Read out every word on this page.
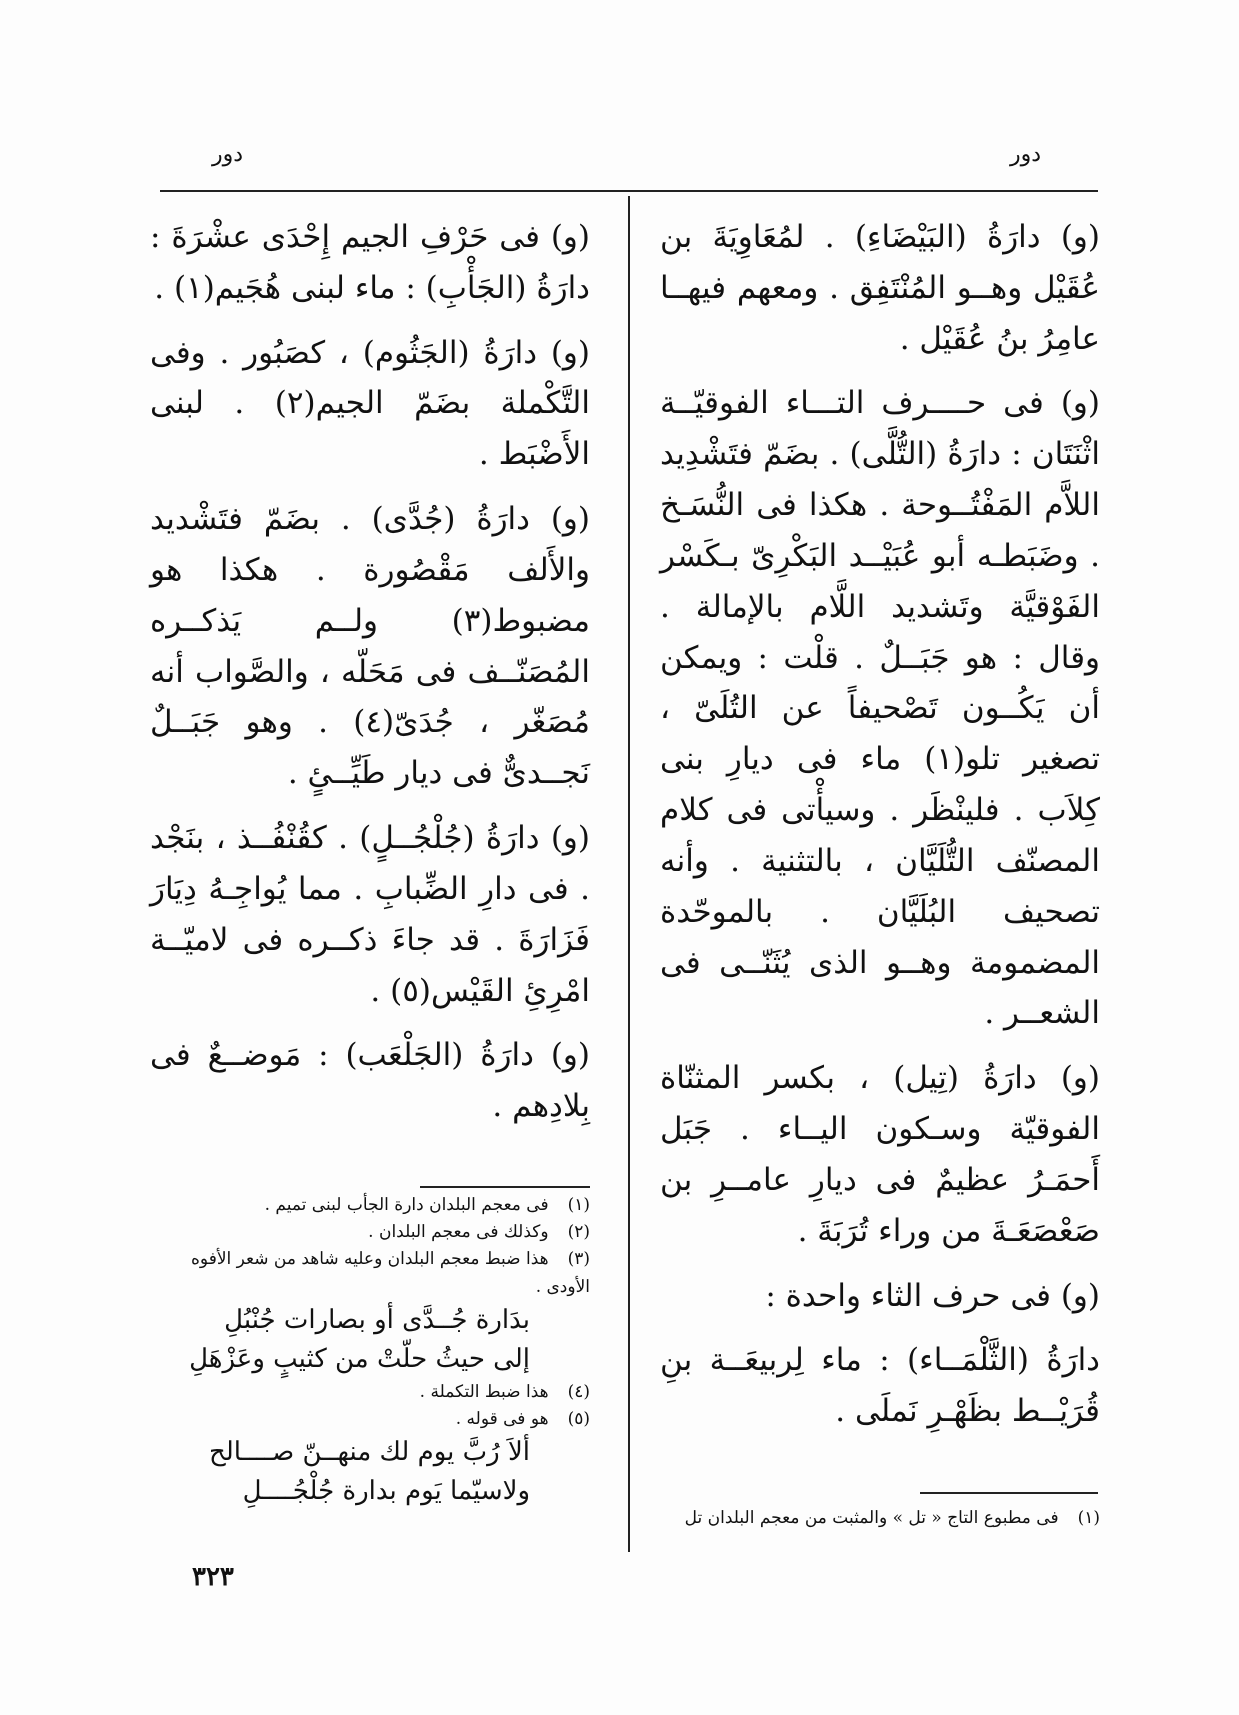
دور
دور

(و) دارَةُ (البَيْضَاءِ) . لمُعَاوِيَةَ بن عُقَيْل وهــو المُنْتَفِق . ومعهم فيهــا عامِرُ بنُ عُقَيْل .

(و) فى حــــرف التـــاء الفوقيّــة اثْنَتَان : دارَةُ (التُّلَّى) . بضَمّ فتَشْدِيد اللاَّم المَفْتُــوحة . هكذا فى النُّسَـخ . وضَبَطـه أبو عُبَيْــد البَكْرِىّ بـكَسْر الفَوْقيَّة وتَشديد اللَّام بالإمالة . وقال : هو جَبَــلٌ . قلْت : ويمكن أن يَكُــون تَصْحيفاً عن التُلَىّ ، تصغير تلو(١) ماء فى ديارِ بنى كِلاَب . فلينْظَر . وسيأْتى فى كلام المصنّف التُّلَيَّان ، بالتثنية . وأنه تصحيف البُلَيَّان . بالموحّدة المضمومة وهــو الذى يُثَنّــى فى الشعــر .

(و) دارَةُ (تِيل) ، بكسر المثنّاة الفوقيّة وسـكون اليــاء . جَبَل أَحمَـرُ عظيمٌ فى ديارِ عامــرِ بن صَعْصَعَـةَ من وراء تُرَبَةَ .

(و) فى حرف الثاء واحدة :

دارَةُ (الثَّلْمَــاء) : ماء لِربيعَــة بنِ قُرَيْــط بظَهْـرِ نَملَى .

(و) فى حَرْفِ الجيم إِحْدَى عشْرَةَ : دارَةُ (الجَأْبِ) : ماء لبنى هُجَيم(١) .

(و) دارَةُ (الجَثُوم) ، كصَبُور . وفى التَّكْملة بضَمّ الجيم(٢) . لبنى الأَضْبَط .

(و) دارَةُ (جُدَّى) . بضَمّ فتَشْديد والأَلف مَقْصُورة . هكذا هو مضبوط(٣) ولــم يَذكــره المُصَنّــف فى مَحَلّه ، والصَّواب أنه مُصَغّر ، جُدَىّ(٤) . وهو جَبَــلٌ نَجــدىٌّ فى ديار طَيِّــئٍ .

(و) دارَةُ (جُلْجُــلٍ) . كقُنْفُــذ ، بنَجْد . فى دارِ الضِّبابِ . مما يُواجِـهُ دِيَارَ فَزَارَةَ . قد جاءَ ذكــره فى لاميّــة امْرِئِ القَيْس(٥) .

(و) دارَةُ (الجَلْعَب) : مَوضــعٌ فى بِلادِهم .

(١) فى مطبوع التاج « تل » والمثبت من معجم البلدان تل

(١) فى معجم البلدان دارة الجأب لبنى تميم .

(٢) وكذلك فى معجم البلدان .

(٣) هذا ضبط معجم البلدان وعليه شاهد من شعر الأفوه الأودى .

بدَارة جُــدَّى أو بصارات جُنْبُلِ

إلى حيثُ حلّتْ من كثيبٍ وعَزْهَلِ

(٤) هذا ضبط التكملة .

(٥) هو فى قوله .

ألاَ رُبَّ يوم لك منهــنّ صــــالح

ولاسيّما يَوم بدارة جُلْجُــــلِ

٣٢٣
